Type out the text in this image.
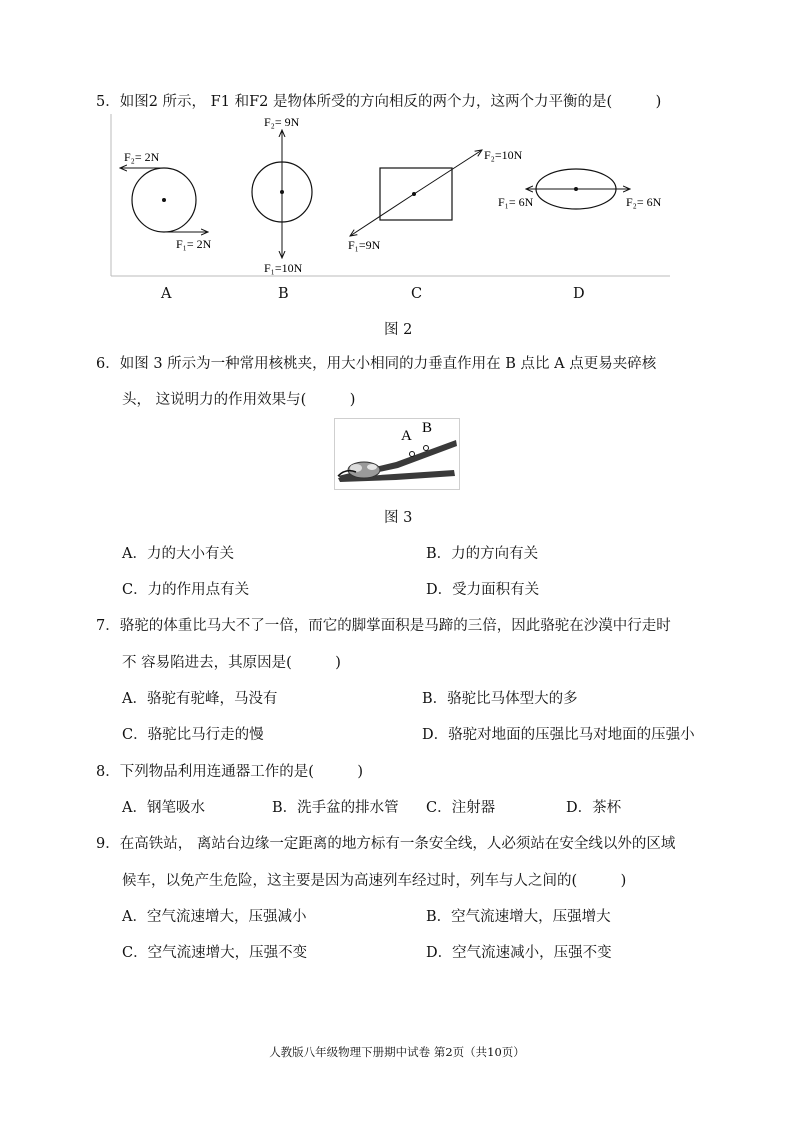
5．如图2 所示， F1 和F2 是物体所受的方向相反的两个力，这两个力平衡的是(　　　)
F₂= 2N
F₁= 2N
F₂= 9N
F₁=10N
F₂=10N
F₁=9N
F₁= 6N	F₂= 6N
A	B	C	D
图 2
6．如图 3 所示为一种常用核桃夹，用大小相同的力垂直作用在 B 点比 A 点更易夹碎核
头， 这说明力的作用效果与(　　　)
A B
图 3
A．力的大小有关	B．力的方向有关
C．力的作用点有关	D．受力面积有关
7．骆驼的体重比马大不了一倍，而它的脚掌面积是马蹄的三倍，因此骆驼在沙漠中行走时
不 容易陷进去，其原因是(　　　)
A．骆驼有驼峰，马没有	B．骆驼比马体型大的多
C．骆驼比马行走的慢	D．骆驼对地面的压强比马对地面的压强小
8．下列物品利用连通器工作的是(　　　)
A．钢笔吸水	B．洗手盆的排水管 C．注射器	D．茶杯
9．在高铁站， 离站台边缘一定距离的地方标有一条安全线，人必须站在安全线以外的区域
候车，以免产生危险，这主要是因为高速列车经过时，列车与人之间的(　　　)
A．空气流速增大，压强减小	B．空气流速增大，压强增大
C．空气流速增大，压强不变	D．空气流速减小，压强不变
人教版八年级物理下册期中试卷 第2页（共10页）
